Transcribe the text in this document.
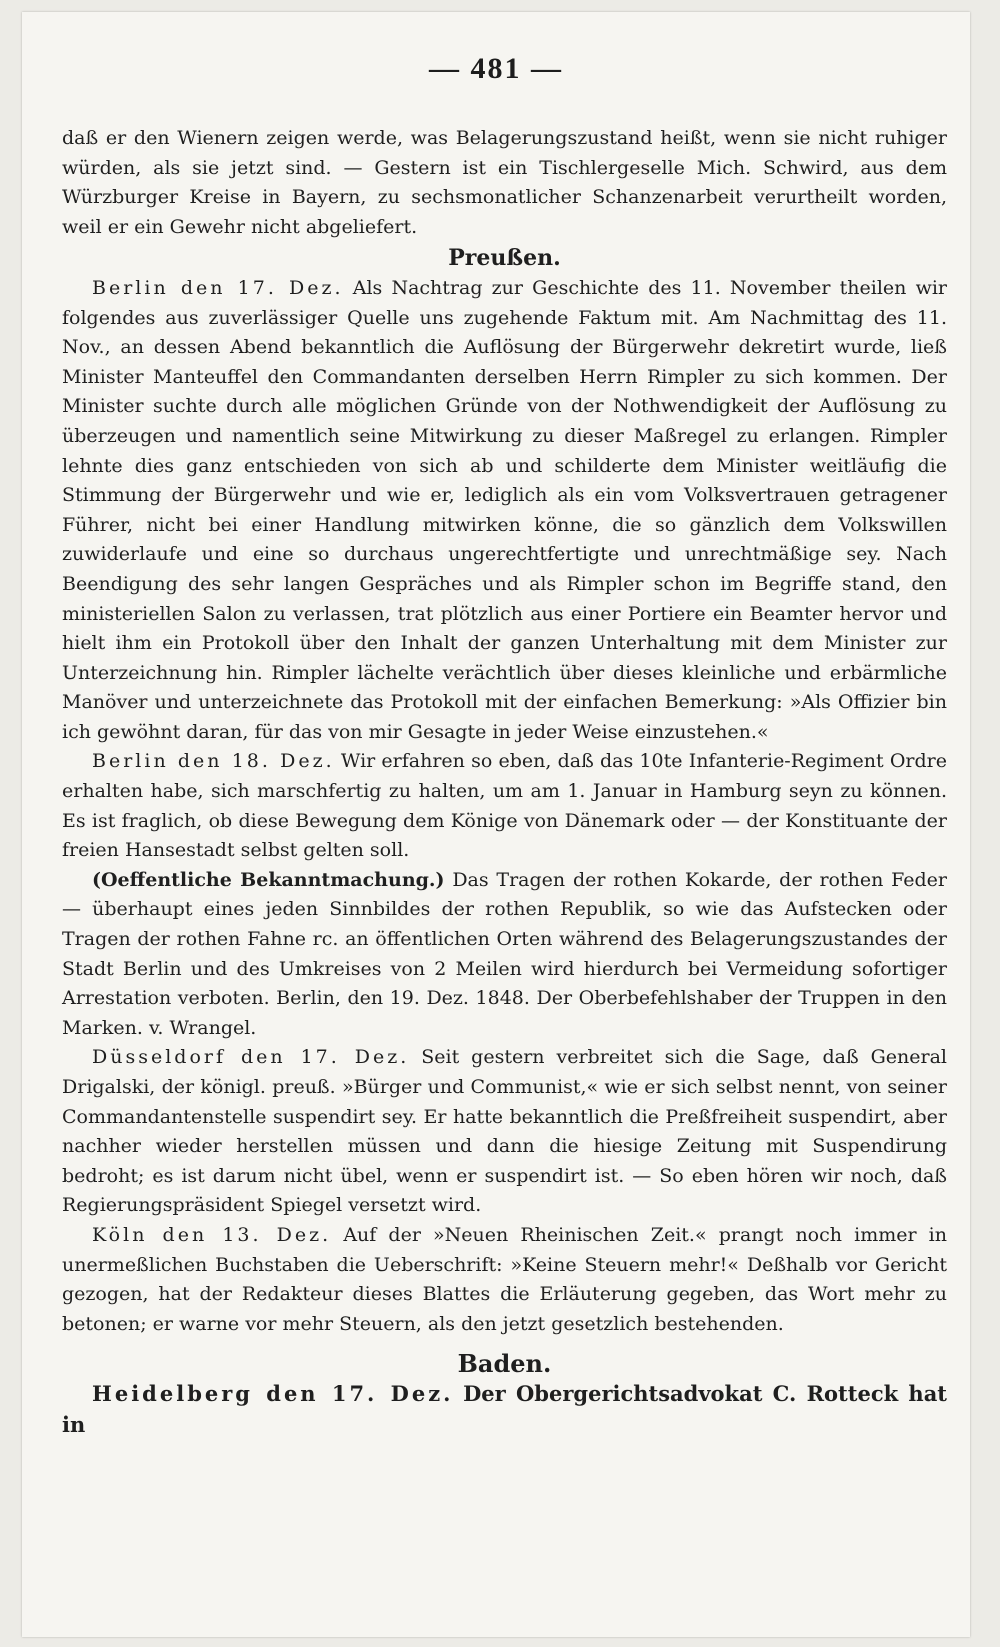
— 481 —

daß er den Wienern zeigen werde, was Belagerungszustand heißt, wenn sie nicht ruhiger würden, als sie jetzt sind. — Gestern ist ein Tischlergeselle Mich. Schwird, aus dem Würzburger Kreise in Bayern, zu sechsmonatlicher Schanzenarbeit verurtheilt worden, weil er ein Gewehr nicht abgeliefert.

Preußen.

Berlin den 17. Dez. Als Nachtrag zur Geschichte des 11. November theilen wir folgendes aus zuverlässiger Quelle uns zugehende Faktum mit. Am Nachmittag des 11. Nov., an dessen Abend bekanntlich die Auflösung der Bürgerwehr dekretirt wurde, ließ Minister Manteuffel den Commandanten derselben Herrn Rimpler zu sich kommen. Der Minister suchte durch alle möglichen Gründe von der Nothwendigkeit der Auflösung zu überzeugen und namentlich seine Mitwirkung zu dieser Maßregel zu erlangen. Rimpler lehnte dies ganz entschieden von sich ab und schilderte dem Minister weitläufig die Stimmung der Bürgerwehr und wie er, lediglich als ein vom Volksvertrauen getragener Führer, nicht bei einer Handlung mitwirken könne, die so gänzlich dem Volkswillen zuwiderlaufe und eine so durchaus ungerechtfertigte und unrechtmäßige sey. Nach Beendigung des sehr langen Gespräches und als Rimpler schon im Begriffe stand, den ministeriellen Salon zu verlassen, trat plötzlich aus einer Portiere ein Beamter hervor und hielt ihm ein Protokoll über den Inhalt der ganzen Unterhaltung mit dem Minister zur Unterzeichnung hin. Rimpler lächelte verächtlich über dieses kleinliche und erbärmliche Manöver und unterzeichnete das Protokoll mit der einfachen Bemerkung: »Als Offizier bin ich gewöhnt daran, für das von mir Gesagte in jeder Weise einzustehen.«

Berlin den 18. Dez. Wir erfahren so eben, daß das 10te Infanterie-Regiment Ordre erhalten habe, sich marschfertig zu halten, um am 1. Januar in Hamburg seyn zu können. Es ist fraglich, ob diese Bewegung dem Könige von Dänemark oder — der Konstituante der freien Hansestadt selbst gelten soll.

(Oeffentliche Bekanntmachung.) Das Tragen der rothen Kokarde, der rothen Feder — überhaupt eines jeden Sinnbildes der rothen Republik, so wie das Aufstecken oder Tragen der rothen Fahne rc. an öffentlichen Orten während des Belagerungszustandes der Stadt Berlin und des Umkreises von 2 Meilen wird hierdurch bei Vermeidung sofortiger Arrestation verboten. Berlin, den 19. Dez. 1848. Der Oberbefehlshaber der Truppen in den Marken. v. Wrangel.

Düsseldorf den 17. Dez. Seit gestern verbreitet sich die Sage, daß General Drigalski, der königl. preuß. »Bürger und Communist,« wie er sich selbst nennt, von seiner Commandantenstelle suspendirt sey. Er hatte bekanntlich die Preßfreiheit suspendirt, aber nachher wieder herstellen müssen und dann die hiesige Zeitung mit Suspendirung bedroht; es ist darum nicht übel, wenn er suspendirt ist. — So eben hören wir noch, daß Regierungspräsident Spiegel versetzt wird.

Köln den 13. Dez. Auf der »Neuen Rheinischen Zeit.« prangt noch immer in unermeßlichen Buchstaben die Ueberschrift: »Keine Steuern mehr!« Deßhalb vor Gericht gezogen, hat der Redakteur dieses Blattes die Erläuterung gegeben, das Wort mehr zu betonen; er warne vor mehr Steuern, als den jetzt gesetzlich bestehenden.

Baden.

Heidelberg den 17. Dez. Der Obergerichtsadvokat C. Rotteck hat in
